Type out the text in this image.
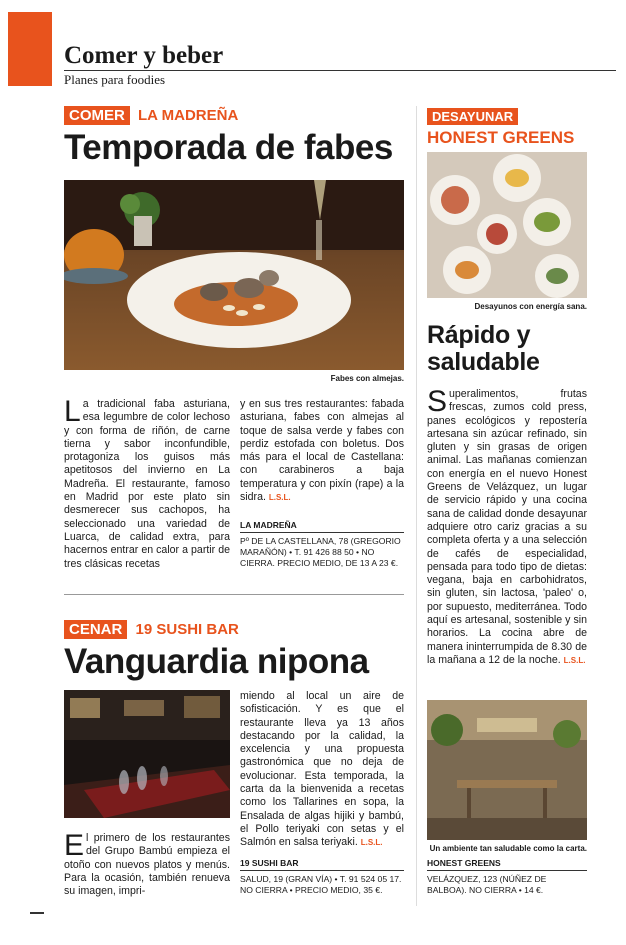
Comer y beber
Planes para foodies
COMER LA MADREÑA
Temporada de fabes
Fabes con almejas.
La tradicional faba asturiana, esa legumbre de color lechoso y con forma de riñón, de carne tierna y sabor inconfundible, protagoniza los guisos más apetitosos del invierno en La Madreña. El restaurante, famoso en Madrid por este plato sin desmerecer sus cachopos, ha seleccionado una variedad de Luarca, de calidad extra, para hacernos entrar en calor a partir de tres clásicas recetas
y en sus tres restaurantes: fabada asturiana, fabes con almejas al toque de salsa verde y fabes con perdiz estofada con boletus. Dos más para el local de Castellana: con carabineros a baja temperatura y con pixín (rape) a la sidra. L.S.L.
LA MADREÑA
Pº DE LA CASTELLANA, 78 (GREGORIO MARAÑÓN) • T. 91 426 88 50 • NO CIERRA. PRECIO MEDIO, DE 13 A 23 €.
CENAR 19 SUSHI BAR
Vanguardia nipona
El primero de los restaurantes del Grupo Bambú empieza el otoño con nuevos platos y menús. Para la ocasión, también renueva su imagen, impri-
miendo al local un aire de sofisticación. Y es que el restaurante lleva ya 13 años destacando por la calidad, la excelencia y una propuesta gastronómica que no deja de evolucionar. Esta temporada, la carta da la bienvenida a recetas como los Tallarines en sopa, la Ensalada de algas hijiki y bambú, el Pollo teriyaki con setas y el Salmón en salsa teriyaki. L.S.L.
19 SUSHI BAR
SALUD, 19 (GRAN VÍA) • T. 91 524 05 17. NO CIERRA • PRECIO MEDIO, 35 €.
DESAYUNAR
HONEST GREENS
Desayunos con energía sana.
Rápido y saludable
Superalimentos, frutas frescas, zumos cold press, panes ecológicos y repostería artesana sin azúcar refinado, sin gluten y sin grasas de origen animal. Las mañanas comienzan con energía en el nuevo Honest Greens de Velázquez, un lugar de servicio rápido y una cocina sana de calidad donde desayunar adquiere otro cariz gracias a su completa oferta y a una selección de cafés de especialidad, pensada para todo tipo de dietas: vegana, baja en carbohidratos, sin gluten, sin lactosa, 'paleo' o, por supuesto, mediterránea. Todo aquí es artesanal, sostenible y sin horarios. La cocina abre de manera ininterrumpida de 8.30 de la mañana a 12 de la noche. L.S.L.
Un ambiente tan saludable como la carta.
HONEST GREENS
VELÁZQUEZ, 123 (NÚÑEZ DE BALBOA). NO CIERRA • 14 €.
